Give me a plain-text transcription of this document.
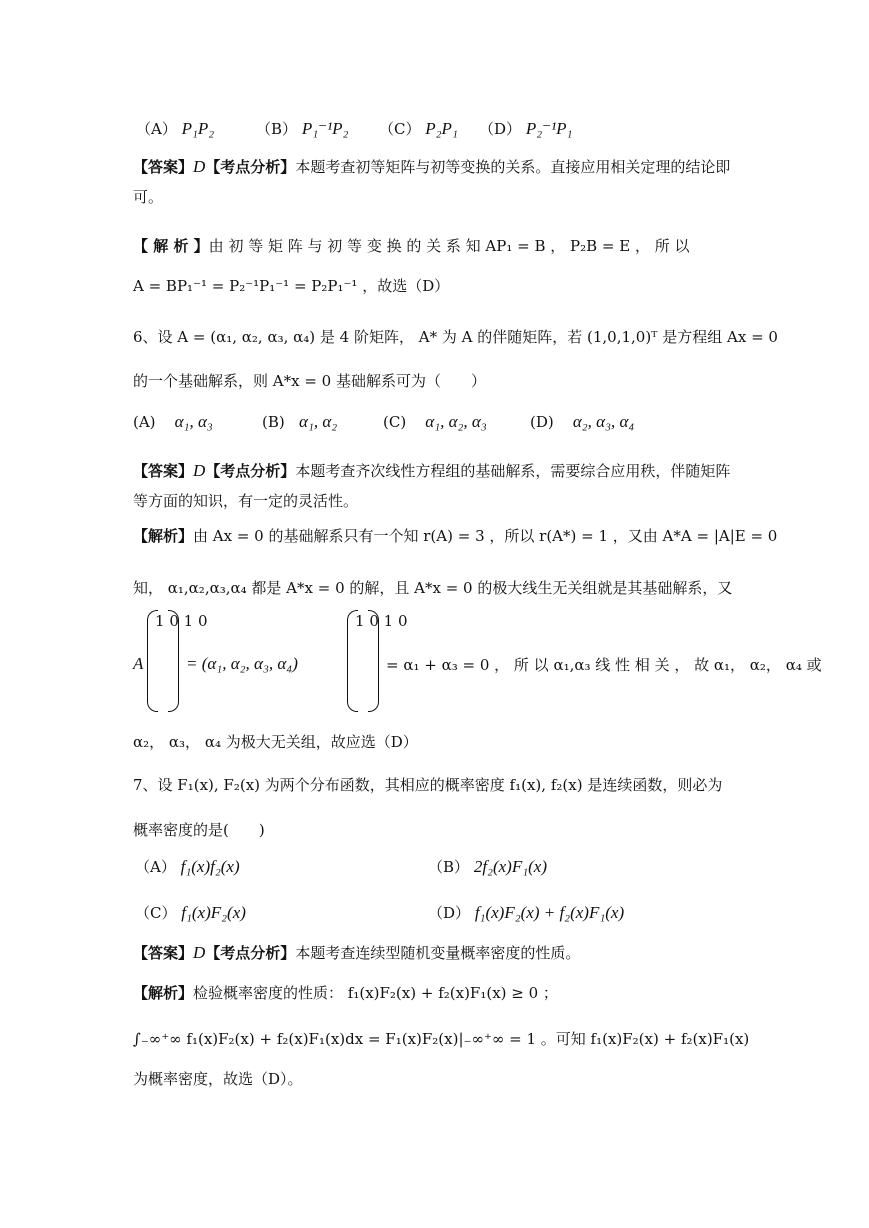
（A） P₁P₂	（B） P₁⁻¹P₂ （C） P₂P₁ （D） P₂⁻¹P₁
【答案】D【考点分析】本题考查初等矩阵与初等变换的关系。直接应用相关定理的结论即可。
【 解 析 】由 初 等 矩 阵 与 初 等 变 换 的 关 系 知 AP₁ = B ， P₂B = E ， 所 以
A = BP₁⁻¹ = P₂⁻¹P₁⁻¹ = P₂P₁⁻¹ ，故选（D）
6、设 A = (α₁, α₂, α₃, α₄) 是 4 阶矩阵， A* 为 A 的伴随矩阵，若 (1,0,1,0)ᵀ 是方程组 Ax = 0
的一个基础解系，则 A*x = 0 基础解系可为（　　）
(A) α₁, α₃	(B) α₁, α₂	(C) α₁, α₂, α₃	(D) α₂, α₃, α₄
【答案】D【考点分析】本题考查齐次线性方程组的基础解系，需要综合应用秩，伴随矩阵等方面的知识，有一定的灵活性。
【解析】由 Ax = 0 的基础解系只有一个知 r(A) = 3 ，所以 r(A*) = 1 ，又由 A*A = |A|E = 0
知， α₁,α₂,α₃,α₄ 都是 A*x = 0 的解，且 A*x = 0 的极大线生无关组就是其基础解系，又
A
1 0 1 0
= (α₁, α₂, α₃, α₄)
1 0 1 0
= α₁ + α₃ = 0 ， 所 以 α₁,α₃ 线 性 相 关 ， 故 α₁， α₂， α₄ 或
α₂， α₃， α₄ 为极大无关组，故应选（D）
7、设 F₁(x), F₂(x) 为两个分布函数，其相应的概率密度 f₁(x), f₂(x) 是连续函数，则必为
概率密度的是(　　)
（A） f₁(x)f₂(x)	（B） 2f₂(x)F₁(x)
（C） f₁(x)F₂(x)	（D） f₁(x)F₂(x) + f₂(x)F₁(x)
【答案】D【考点分析】本题考查连续型随机变量概率密度的性质。
【解析】检验概率密度的性质： f₁(x)F₂(x) + f₂(x)F₁(x) ≥ 0 ；
∫₋∞⁺∞ f₁(x)F₂(x) + f₂(x)F₁(x)dx = F₁(x)F₂(x)|₋∞⁺∞ = 1 。可知 f₁(x)F₂(x) + f₂(x)F₁(x)
为概率密度，故选（D）。
